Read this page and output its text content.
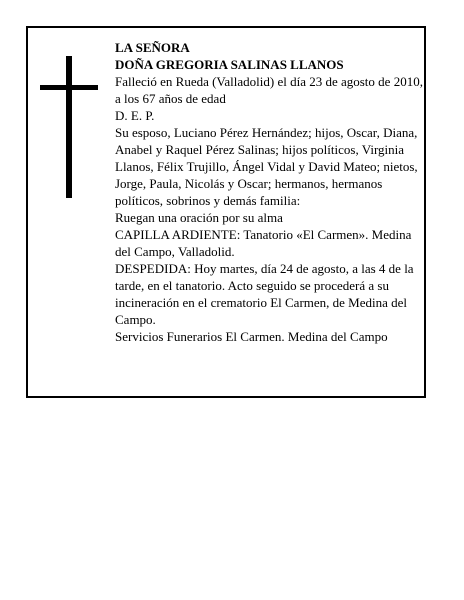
LA SEÑORA

DOÑA GREGORIA SALINAS LLANOS

Falleció en Rueda (Valladolid) el día 23 de agosto de 2010, a los 67 años de edad

D. E. P.

Su esposo, Luciano Pérez Hernández; hijos, Oscar, Diana, Anabel y Raquel Pérez Salinas; hijos políticos, Virginia Llanos, Félix Trujillo, Ángel Vidal y David Mateo; nietos, Jorge, Paula, Nicolás y Oscar; hermanos, hermanos políticos, sobrinos y demás familia:

Ruegan una oración por su alma

CAPILLA ARDIENTE: Tanatorio «El Carmen». Medina del Campo, Valladolid.

DESPEDIDA: Hoy martes, día 24 de agosto, a las 4 de la tarde, en el tanatorio. Acto seguido se procederá a su incineración en el crematorio El Carmen, de Medina del Campo.

Servicios Funerarios El Carmen. Medina del Campo
